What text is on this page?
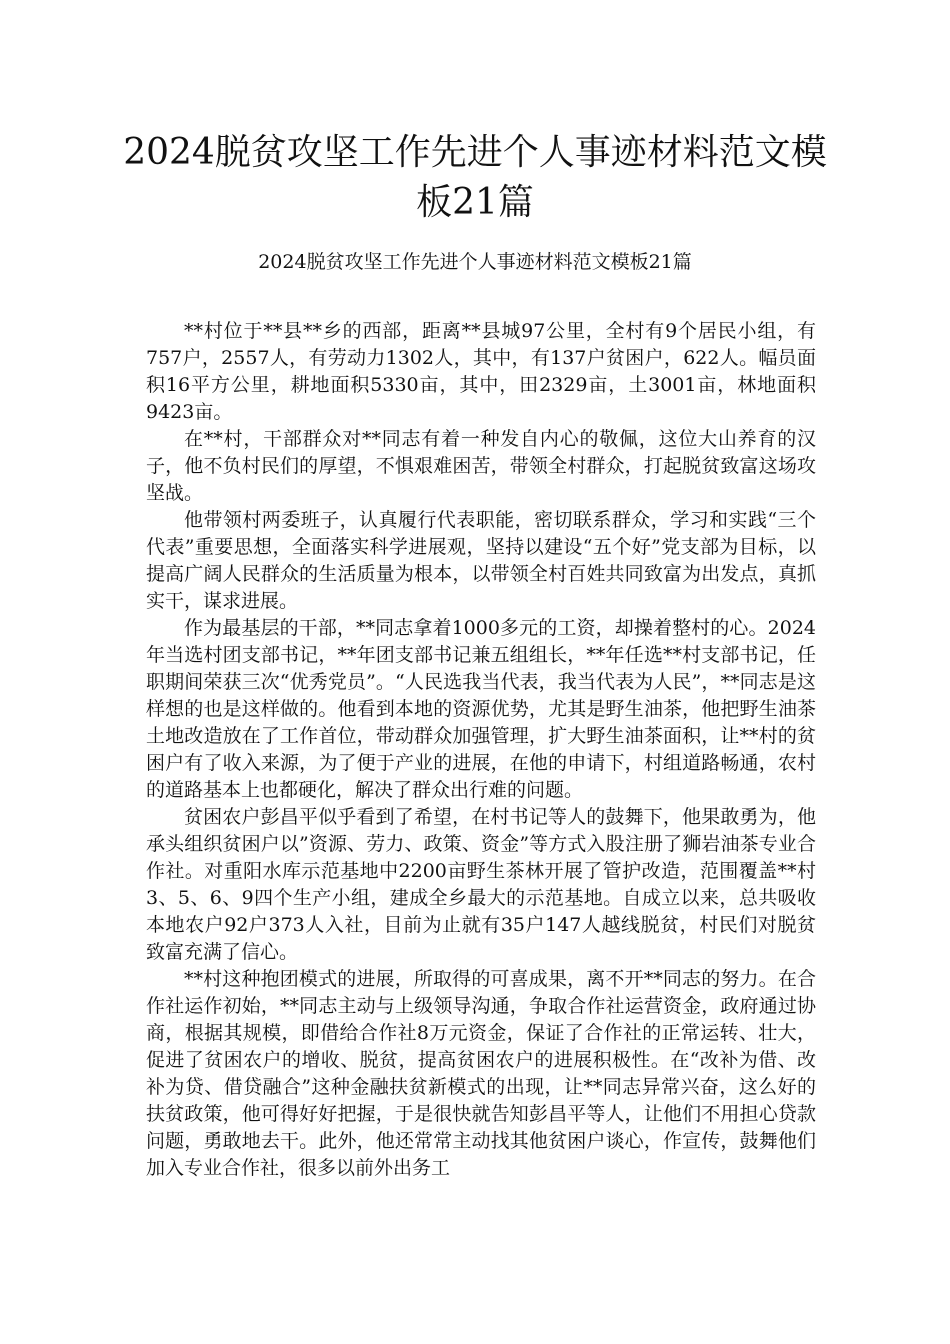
2024脱贫攻坚工作先进个人事迹材料范文模板21篇

2024脱贫攻坚工作先进个人事迹材料范文模板21篇

**村位于**县**乡的西部，距离**县城97公里，全村有9个居民小组，有757户，2557人，有劳动力1302人，其中，有137户贫困户，622人。幅员面积16平方公里，耕地面积5330亩，其中，田2329亩，土3001亩，林地面积9423亩。

在**村，干部群众对**同志有着一种发自内心的敬佩，这位大山养育的汉子，他不负村民们的厚望，不惧艰难困苦，带领全村群众，打起脱贫致富这场攻坚战。

他带领村两委班子，认真履行代表职能，密切联系群众，学习和实践“三个代表”重要思想，全面落实科学进展观，坚持以建设“五个好”党支部为目标，以提高广阔人民群众的生活质量为根本，以带领全村百姓共同致富为出发点，真抓实干，谋求进展。

作为最基层的干部，**同志拿着1000多元的工资，却操着整村的心。2024年当选村团支部书记，**年团支部书记兼五组组长，**年任选**村支部书记，任职期间荣获三次“优秀党员”。“人民选我当代表，我当代表为人民”，**同志是这样想的也是这样做的。他看到本地的资源优势，尤其是野生油茶，他把野生油茶土地改造放在了工作首位，带动群众加强管理，扩大野生油茶面积，让**村的贫困户有了收入来源，为了便于产业的进展，在他的申请下，村组道路畅通，农村的道路基本上也都硬化，解决了群众出行难的问题。

贫困农户彭昌平似乎看到了希望，在村书记等人的鼓舞下，他果敢勇为，他承头组织贫困户以”资源、劳力、政策、资金”等方式入股注册了狮岩油茶专业合作社。对重阳水库示范基地中2200亩野生茶林开展了管护改造，范围覆盖**村3、5、6、9四个生产小组，建成全乡最大的示范基地。自成立以来，总共吸收本地农户92户373人入社，目前为止就有35户147人越线脱贫，村民们对脱贫致富充满了信心。

**村这种抱团模式的进展，所取得的可喜成果，离不开**同志的努力。在合作社运作初始，**同志主动与上级领导沟通，争取合作社运营资金，政府通过协商，根据其规模，即借给合作社8万元资金，保证了合作社的正常运转、壮大，促进了贫困农户的增收、脱贫，提高贫困农户的进展积极性。在“改补为借、改补为贷、借贷融合”这种金融扶贫新模式的出现，让**同志异常兴奋，这么好的扶贫政策，他可得好好把握，于是很快就告知彭昌平等人，让他们不用担心贷款问题，勇敢地去干。此外，他还常常主动找其他贫困户谈心，作宣传，鼓舞他们加入专业合作社，很多以前外出务工
